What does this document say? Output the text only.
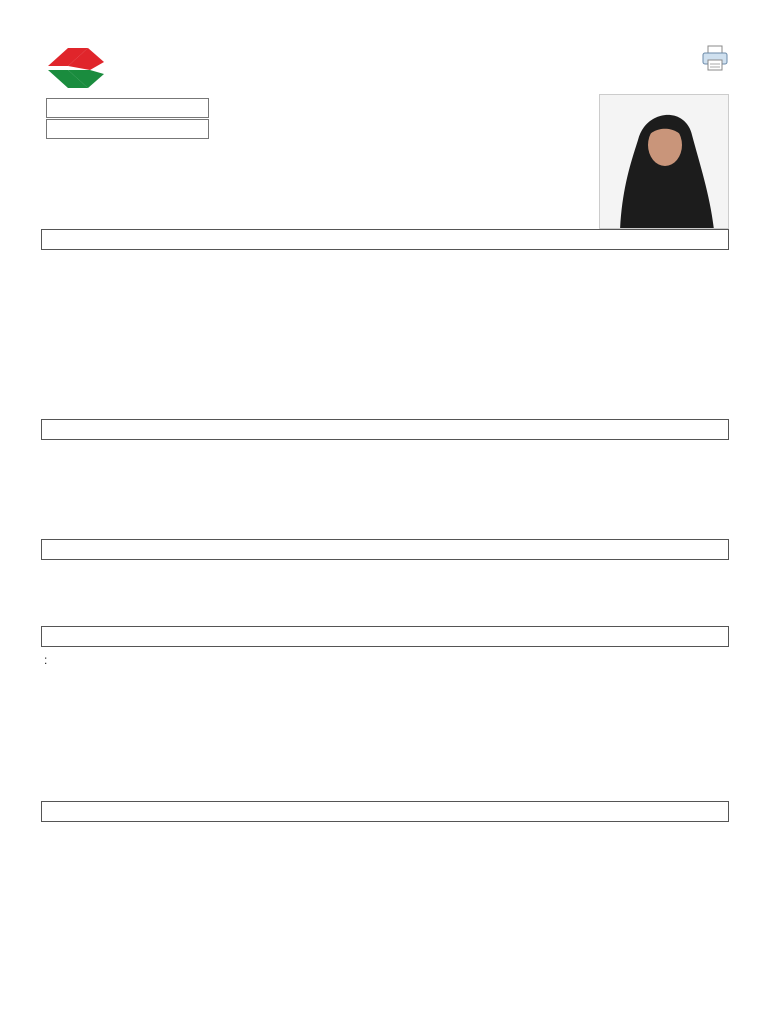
:
